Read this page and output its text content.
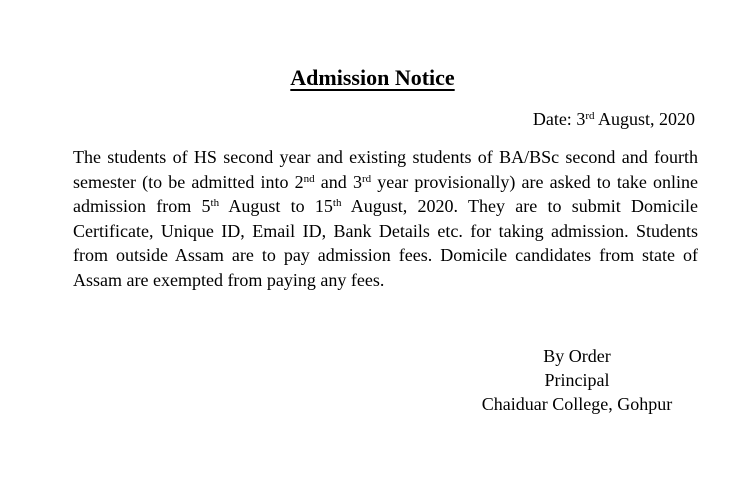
Admission Notice
Date: 3rd August, 2020

The students of HS second year and existing students of BA/BSc second and fourth semester (to be admitted into 2nd and 3rd year provisionally) are asked to take online admission from 5th August to 15th August, 2020. They are to submit Domicile Certificate, Unique ID, Email ID, Bank Details etc. for taking admission. Students from outside Assam are to pay admission fees. Domicile candidates from state of Assam are exempted from paying any fees.

By Order
Principal
Chaiduar College, Gohpur
